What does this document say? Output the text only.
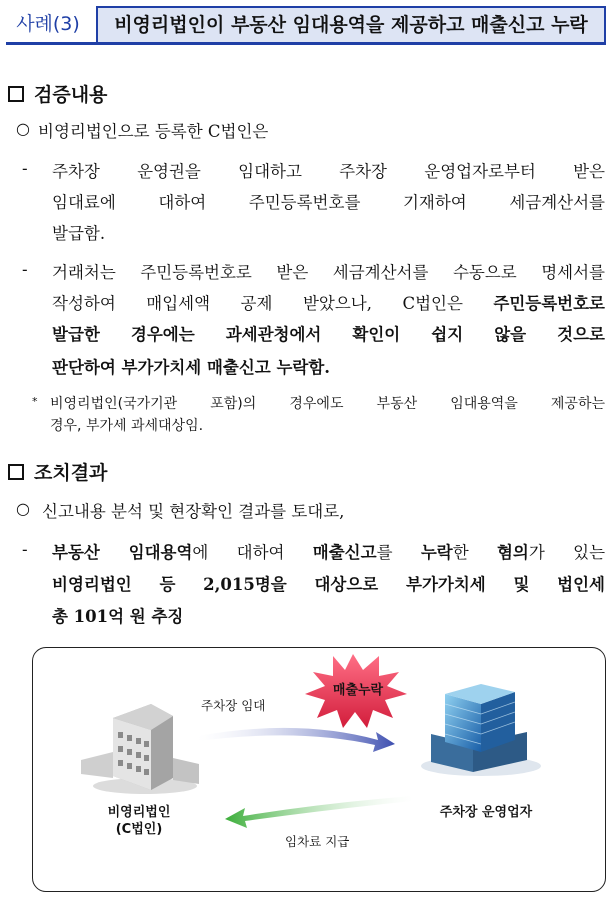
사례(3)	비영리법인이 부동산 임대용역을 제공하고 매출신고 누락
검증내용
○ 비영리법인으로 등록한 C법인은
- 주차장 운영권을 임대하고 주차장 운영업자로부터 받은
임대료에 대하여 주민등록번호를 기재하여 세금계산서를
발급함.
- 거래처는 주민등록번호로 받은 세금계산서를 수동으로 명세서를
작성하여 매입세액 공제 받았으나, C법인은 주민등록번호로
발급한 경우에는 과세관청에서 확인이 쉽지 않을 것으로
판단하여 부가가치세 매출신고 누락함.
* 비영리법인(국가기관 포함)의 경우에도 부동산 임대용역을 제공하는
경우, 부가세 과세대상임.
조치결과
○ 신고내용 분석 및 현장확인 결과를 토대로,
- 부동산 임대용역에 대하여 매출신고를 누락한 혐의가 있는
비영리법인 등 2,015명을 대상으로 부가가치세 및 법인세
총 101억 원 추징
주차장 임대
매출누락
비영리법인
(C법인)
주차장 운영업자
임차료 지급
